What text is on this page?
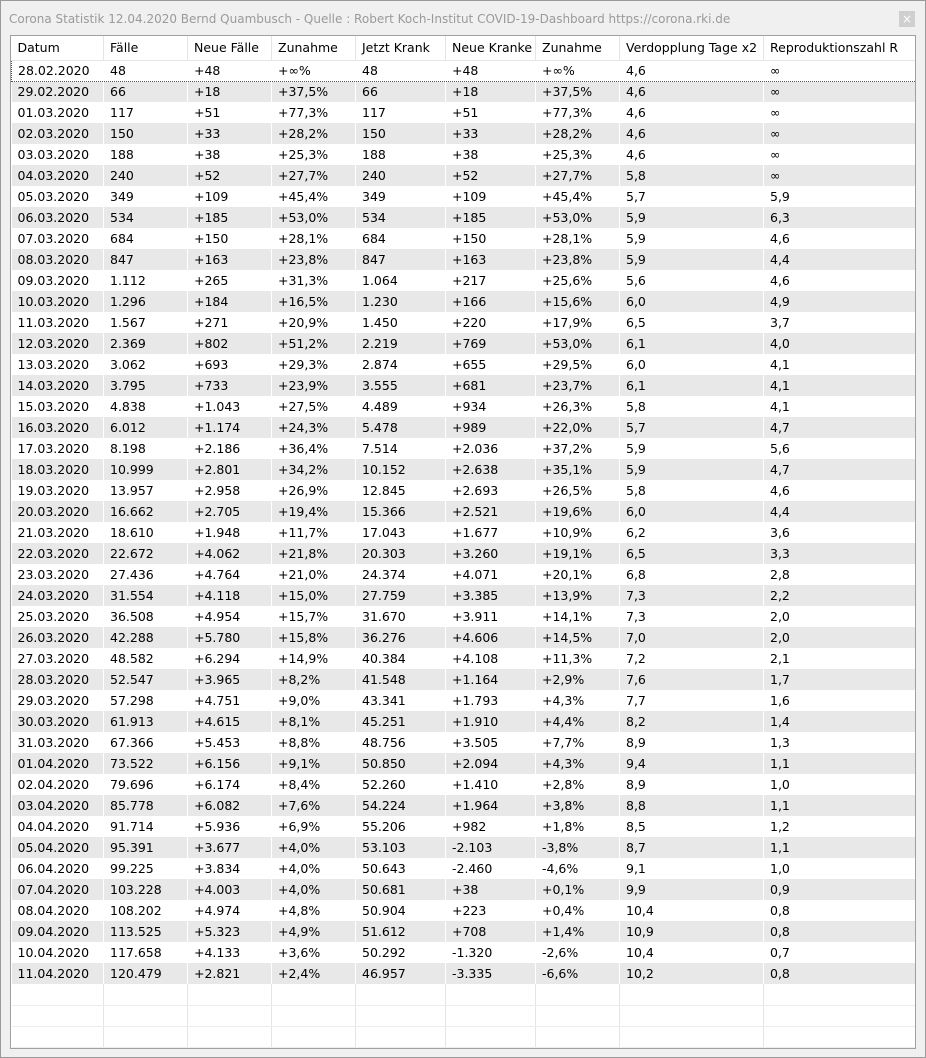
Corona Statistik 12.04.2020 Bernd Quambusch - Quelle : Robert Koch-Institut COVID-19-Dashboard https://corona.rki.de	×
Datum	Fälle	Neue Fälle	Zunahme	Jetzt Krank	Neue Kranke	Zunahme	Verdopplung Tage x2	Reproduktionszahl R
28.02.2020	48	+48	+∞%	48	+48	+∞%	4,6	∞
29.02.2020	66	+18	+37,5%	66	+18	+37,5%	4,6	∞
01.03.2020	117	+51	+77,3%	117	+51	+77,3%	4,6	∞
02.03.2020	150	+33	+28,2%	150	+33	+28,2%	4,6	∞
03.03.2020	188	+38	+25,3%	188	+38	+25,3%	4,6	∞
04.03.2020	240	+52	+27,7%	240	+52	+27,7%	5,8	∞
05.03.2020	349	+109	+45,4%	349	+109	+45,4%	5,7	5,9
06.03.2020	534	+185	+53,0%	534	+185	+53,0%	5,9	6,3
07.03.2020	684	+150	+28,1%	684	+150	+28,1%	5,9	4,6
08.03.2020	847	+163	+23,8%	847	+163	+23,8%	5,9	4,4
09.03.2020	1.112	+265	+31,3%	1.064	+217	+25,6%	5,6	4,6
10.03.2020	1.296	+184	+16,5%	1.230	+166	+15,6%	6,0	4,9
11.03.2020	1.567	+271	+20,9%	1.450	+220	+17,9%	6,5	3,7
12.03.2020	2.369	+802	+51,2%	2.219	+769	+53,0%	6,1	4,0
13.03.2020	3.062	+693	+29,3%	2.874	+655	+29,5%	6,0	4,1
14.03.2020	3.795	+733	+23,9%	3.555	+681	+23,7%	6,1	4,1
15.03.2020	4.838	+1.043	+27,5%	4.489	+934	+26,3%	5,8	4,1
16.03.2020	6.012	+1.174	+24,3%	5.478	+989	+22,0%	5,7	4,7
17.03.2020	8.198	+2.186	+36,4%	7.514	+2.036	+37,2%	5,9	5,6
18.03.2020	10.999	+2.801	+34,2%	10.152	+2.638	+35,1%	5,9	4,7
19.03.2020	13.957	+2.958	+26,9%	12.845	+2.693	+26,5%	5,8	4,6
20.03.2020	16.662	+2.705	+19,4%	15.366	+2.521	+19,6%	6,0	4,4
21.03.2020	18.610	+1.948	+11,7%	17.043	+1.677	+10,9%	6,2	3,6
22.03.2020	22.672	+4.062	+21,8%	20.303	+3.260	+19,1%	6,5	3,3
23.03.2020	27.436	+4.764	+21,0%	24.374	+4.071	+20,1%	6,8	2,8
24.03.2020	31.554	+4.118	+15,0%	27.759	+3.385	+13,9%	7,3	2,2
25.03.2020	36.508	+4.954	+15,7%	31.670	+3.911	+14,1%	7,3	2,0
26.03.2020	42.288	+5.780	+15,8%	36.276	+4.606	+14,5%	7,0	2,0
27.03.2020	48.582	+6.294	+14,9%	40.384	+4.108	+11,3%	7,2	2,1
28.03.2020	52.547	+3.965	+8,2%	41.548	+1.164	+2,9%	7,6	1,7
29.03.2020	57.298	+4.751	+9,0%	43.341	+1.793	+4,3%	7,7	1,6
30.03.2020	61.913	+4.615	+8,1%	45.251	+1.910	+4,4%	8,2	1,4
31.03.2020	67.366	+5.453	+8,8%	48.756	+3.505	+7,7%	8,9	1,3
01.04.2020	73.522	+6.156	+9,1%	50.850	+2.094	+4,3%	9,4	1,1
02.04.2020	79.696	+6.174	+8,4%	52.260	+1.410	+2,8%	8,9	1,0
03.04.2020	85.778	+6.082	+7,6%	54.224	+1.964	+3,8%	8,8	1,1
04.04.2020	91.714	+5.936	+6,9%	55.206	+982	+1,8%	8,5	1,2
05.04.2020	95.391	+3.677	+4,0%	53.103	-2.103	-3,8%	8,7	1,1
06.04.2020	99.225	+3.834	+4,0%	50.643	-2.460	-4,6%	9,1	1,0
07.04.2020	103.228	+4.003	+4,0%	50.681	+38	+0,1%	9,9	0,9
08.04.2020	108.202	+4.974	+4,8%	50.904	+223	+0,4%	10,4	0,8
09.04.2020	113.525	+5.323	+4,9%	51.612	+708	+1,4%	10,9	0,8
10.04.2020	117.658	+4.133	+3,6%	50.292	-1.320	-2,6%	10,4	0,7
11.04.2020	120.479	+2.821	+2,4%	46.957	-3.335	-6,6%	10,2	0,8
